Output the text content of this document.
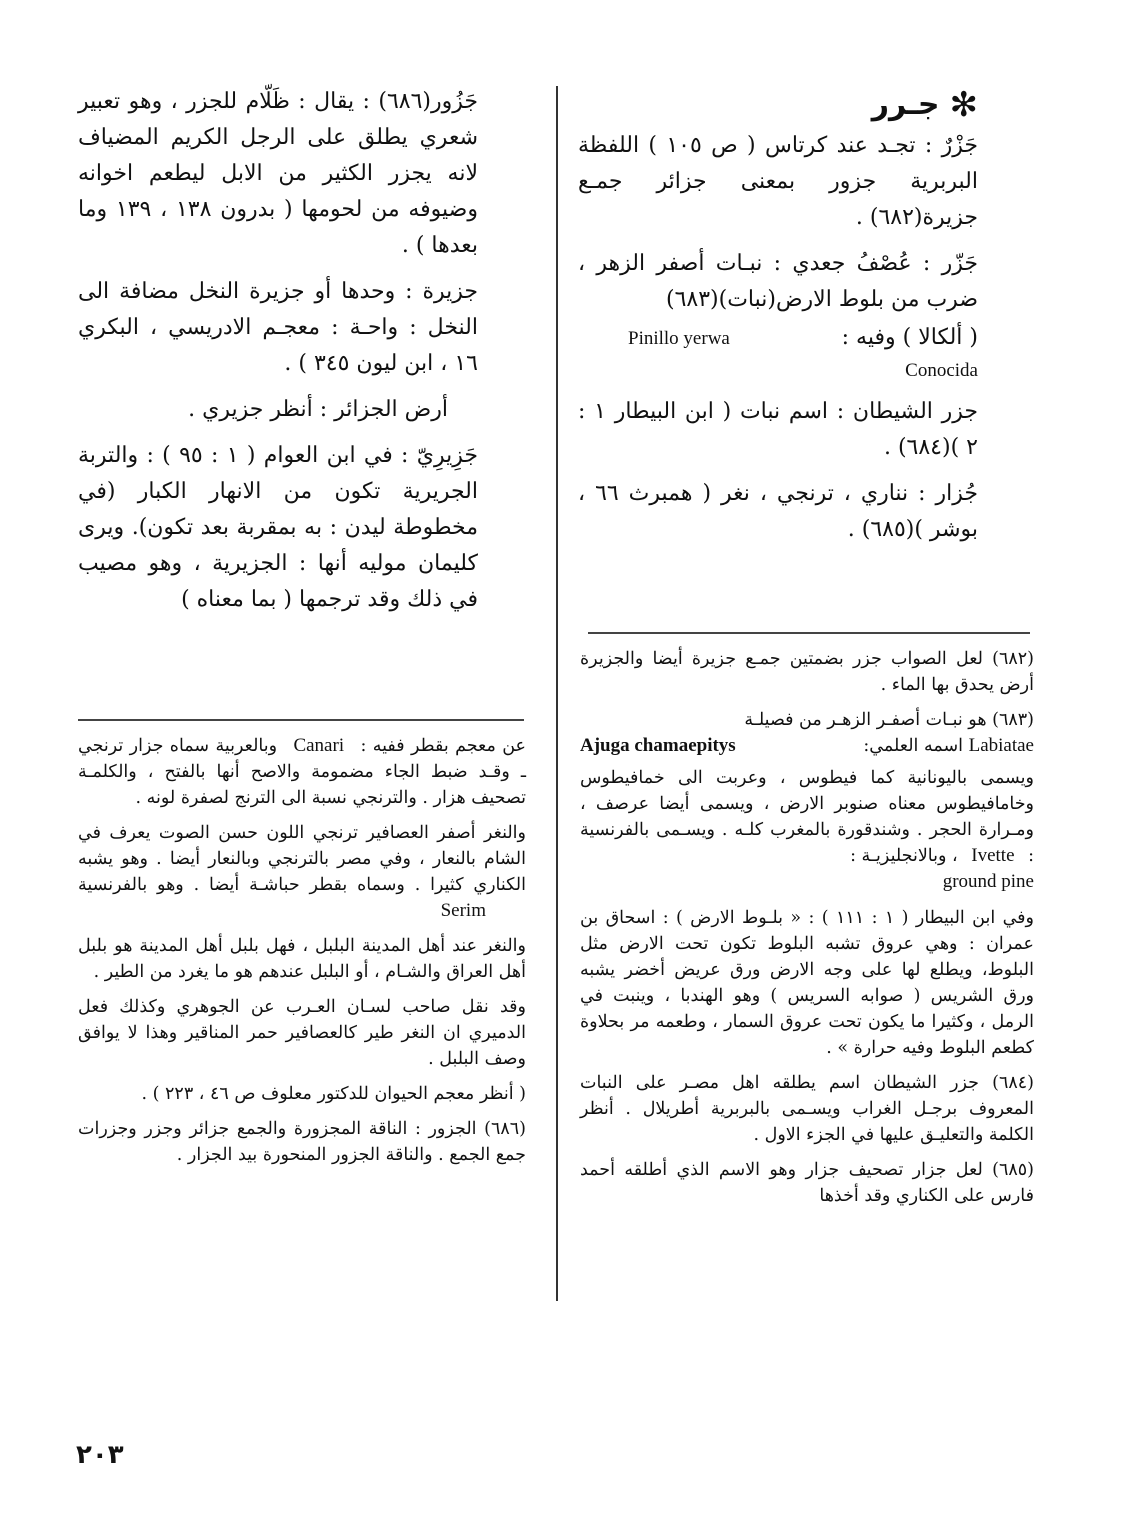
✻
جـرر

جَزْرٌ : تجـد عند كرتاس ( ص ١٠٥ ) اللفظة البربرية جزور بمعنى جزائر جمـع جزيرة(٦٨٢) .

جَزّر : عُصْفُ جعدي : نبـات أصفر الزهر ، ضرب من بلوط الارض(نبات)(٦٨٣)

( ألكالا ) وفيه :
Pinillo yerwa
Conocida

جزر الشيطان : اسم نبات ( ابن البيطار ١ : ٢ )(٦٨٤) .

جُزار : نناري ، ترنجي ، نغر ( همبرث ٦٦ ، بوشر )(٦٨٥) .

جَزُور(٦٨٦) : يقال : ظَلّام للجزر ، وهو تعبير شعري يطلق على الرجل الكريم المضياف لانه يجزر الكثير من الابل ليطعم اخوانه وضيوفه من لحومها ( بدرون ١٣٨ ، ١٣٩ وما بعدها ) .

جزيرة : وحدها أو جزيرة النخل مضافة الى النخل : واحـة : معجـم الادريسي ، البكري ١٦ ، ابن ليون ٣٤٥ ) .

أرض الجزائر : أنظر جزيري .

جَزِيرِيّ : في ابن العوام ( ١ : ٩٥ ) : والتربة الجريرية تكون من الانهار الكبار (في مخطوطة ليدن : به بمقربة بعد تكون). ويرى كليمان موليه أنها : الجزيرية ، وهو مصيب في ذلك وقد ترجمها ( بما معناه )

(٦٨٢) لعل الصواب جزر بضمتين جمـع جزيرة أيضا والجزيرة أرض يحدق بها الماء .

(٦٨٣) هو نبـات أصفـر الزهـر من فصيلـة
Labiatae اسمه العلمي:
Ajuga chamaepitys
ويسمى باليونانية كما فيطوس ، وعربت الى خمافيطوس وخامافيطوس معناه صنوبر الارض ، ويسمى أيضا عرصف ، ومـرارة الحجر . وشندقورة بالمغرب كلـه . ويسـمى بالفرنسية : Ivette ، وبالانجليزيـة :
ground pine
وفي ابن البيطار ( ١ : ١١١ ) : « بلـوط الارض ) : اسحاق بن عمران : وهي عروق تشبه البلوط تكون تحت الارض مثل البلوط، ويطلع لها على وجه الارض ورق عريض أخضر يشبه ورق الشريس ( صوابه السريس ) وهو الهندبا ، وينبت في الرمل ، وكثيرا ما يكون تحت عروق السمار ، وطعمه مر بحلاوة كطعم البلوط وفيه حرارة » .

(٦٨٤) جزر الشيطان اسم يطلقه اهل مصـر على النبات المعروف برجـل الغراب ويسـمى بالبربرية أطريلال . أنظر الكلمة والتعليـق عليها في الجزء الاول .

(٦٨٥) لعل جزار تصحيف جزار وهو الاسم الذي أطلقه أحمد فارس على الكناري وقد أخذها

عن معجم بقطر ففيه : Canari وبالعربية سماه جزار ترنجي ـ وقـد ضبط الجاء مضمومة والاصح أنها بالفتح ، والكلمـة تصحيف هزار . والترنجي نسبة الى الترنج لصفرة لونه .

والنغر أصفر العصافير ترنجي اللون حسن الصوت يعرف في الشام بالنعار ، وفي مصر بالترنجي وبالنعار أيضا . وهو يشبه الكناري كثيرا . وسماه بقطر حباشـة أيضا . وهو بالفرنسية Serim

والنغر عند أهل المدينة البلبل ، فهل بلبل أهل المدينة هو بلبل أهل العراق والشـام ، أو البلبل عندهم هو ما يغرد من الطير .

وقد نقل صاحب لسـان العـرب عن الجوهري وكذلك فعل الدميري ان النغر طير كالعصافير حمر المناقير وهذا لا يوافق وصف البلبل .

( أنظر معجم الحيوان للدكتور معلوف ص ٤٦ ، ٢٢٣ ) .

(٦٨٦) الجزور : الناقة المجزورة والجمع جزائر وجزر وجزرات جمع الجمع . والناقة الجزور المنحورة بيد الجزار .

٢٠٣
